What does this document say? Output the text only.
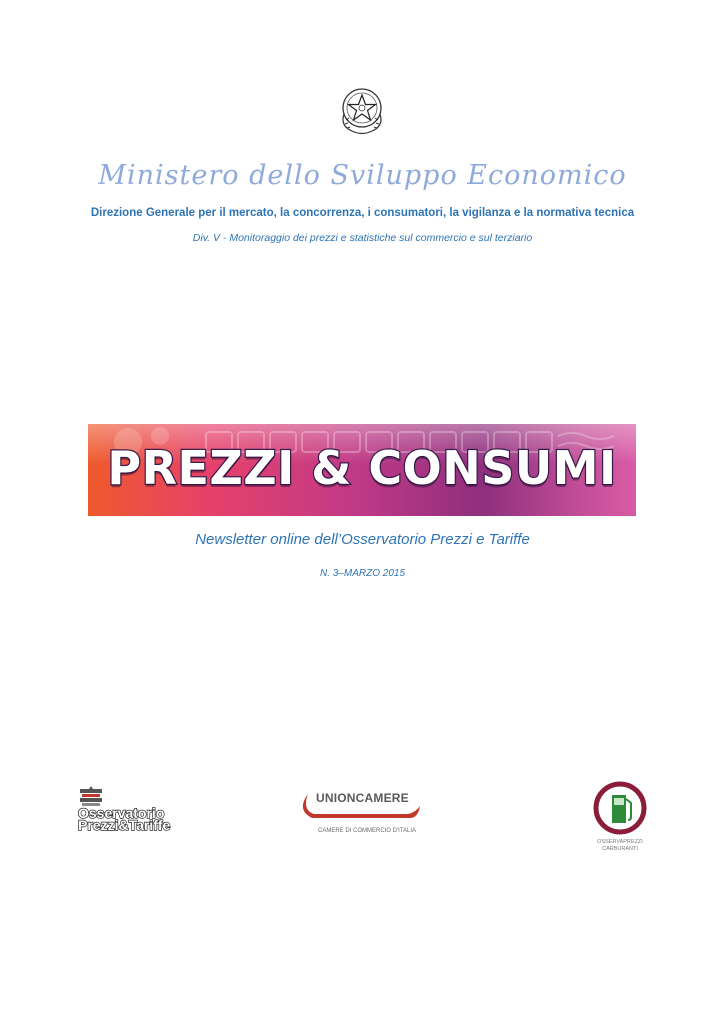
Ministero dello Sviluppo Economico
Direzione Generale per il mercato, la concorrenza, i consumatori, la vigilanza e la normativa tecnica
Div. V - Monitoraggio dei prezzi e statistiche sul commercio e sul terziario
PREZZI & CONSUMI
Newsletter online dell’Osservatorio Prezzi e Tariffe
N. 3–MARZO 2015
Osservatorio
Prezzi&Tariffe
UNIONCAMERE
CAMERE DI COMMERCIO D'ITALIA
OSSERVAPREZZI
CARBURANTI
